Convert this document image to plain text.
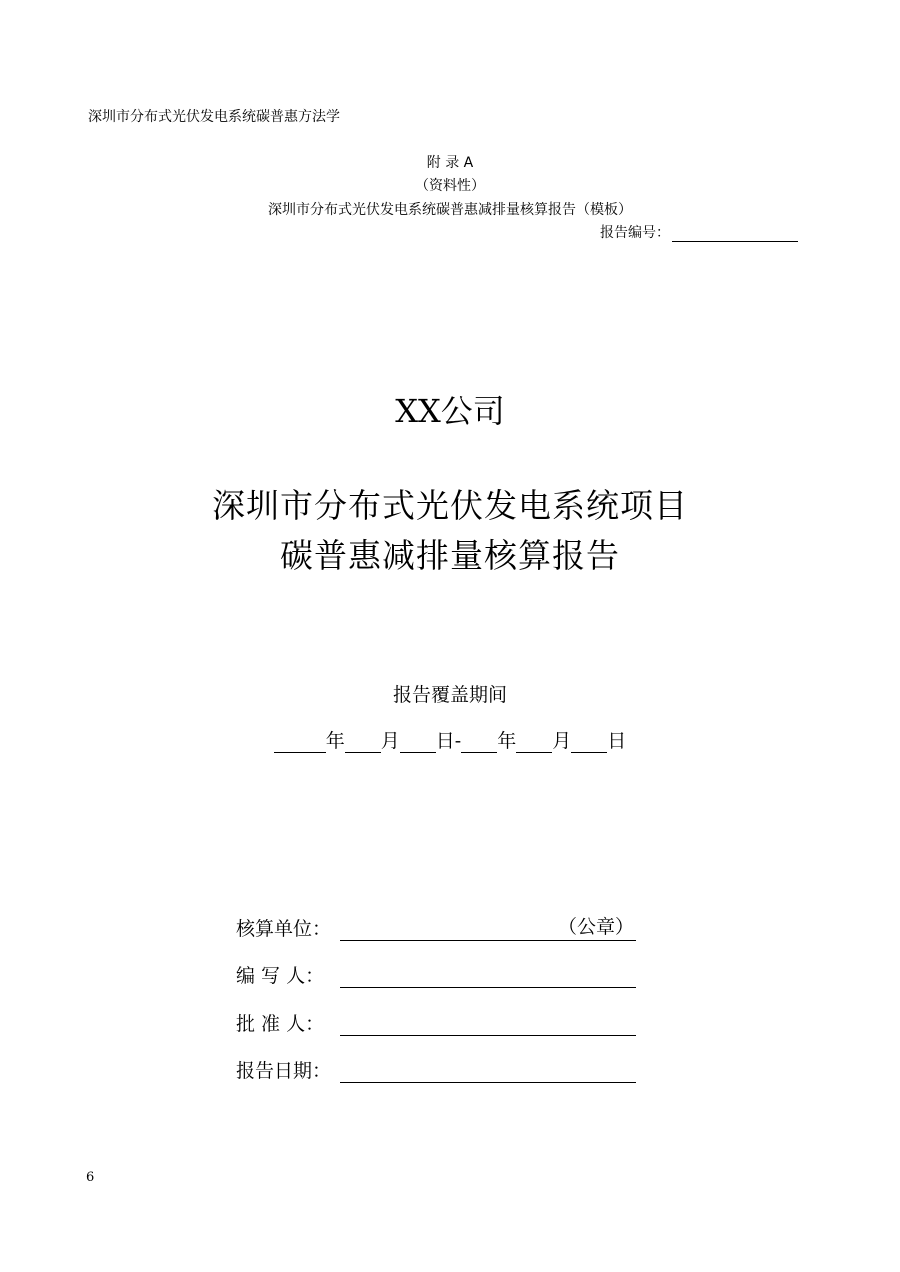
深圳市分布式光伏发电系统碳普惠方法学
附 录 A
（资料性）
深圳市分布式光伏发电系统碳普惠减排量核算报告（模板）
报告编号：
XX公司
深圳市分布式光伏发电系统项目
碳普惠减排量核算报告
报告覆盖期间
年 月 日- 年 月 日
核算单位：	（公章）
编 写 人：
批 准 人：
报告日期：
6
